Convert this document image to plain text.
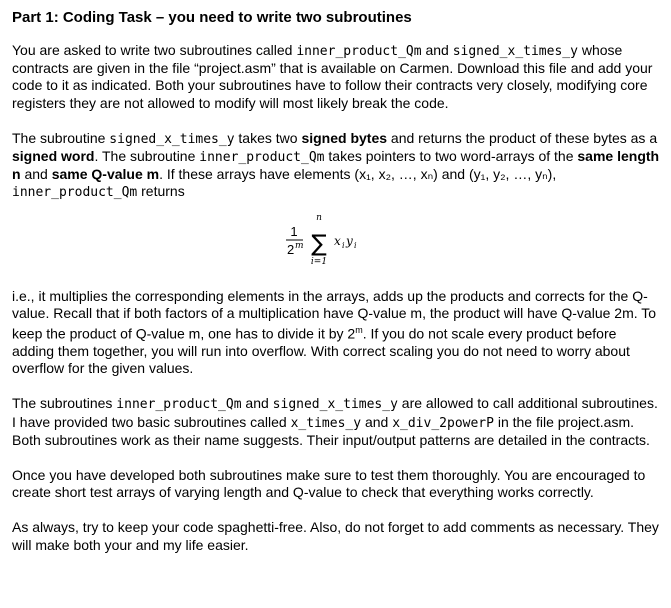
Part 1: Coding Task – you need to write two subroutines

You are asked to write two subroutines called inner_product_Qm and signed_x_times_y whose contracts are given in the file “project.asm” that is available on Carmen. Download this file and add your code to it as indicated. Both your subroutines have to follow their contracts very closely, modifying core registers they are not allowed to modify will most likely break the code.

The subroutine signed_x_times_y takes two signed bytes and returns the product of these bytes as a signed word. The subroutine inner_product_Qm takes pointers to two word-arrays of the same length n and same Q-value m. If these arrays have elements (x₁, x₂, …, xₙ) and (y₁, y₂, …, yₙ), inner_product_Qm returns

1
2 m
n
∑
i=1
x i y i

i.e., it multiplies the corresponding elements in the arrays, adds up the products and corrects for the Q-value. Recall that if both factors of a multiplication have Q-value m, the product will have Q-value 2m. To keep the product of Q-value m, one has to divide it by 2$^m$. If you do not scale every product before adding them together, you will run into overflow. With correct scaling you do not need to worry about overflow for the given values.

The subroutines inner_product_Qm and signed_x_times_y are allowed to call additional subroutines. I have provided two basic subroutines called x_times_y and x_div_2powerP in the file project.asm. Both subroutines work as their name suggests. Their input/output patterns are detailed in the contracts.

Once you have developed both subroutines make sure to test them thoroughly. You are encouraged to create short test arrays of varying length and Q-value to check that everything works correctly.

As always, try to keep your code spaghetti-free. Also, do not forget to add comments as necessary. They will make both your and my life easier.
